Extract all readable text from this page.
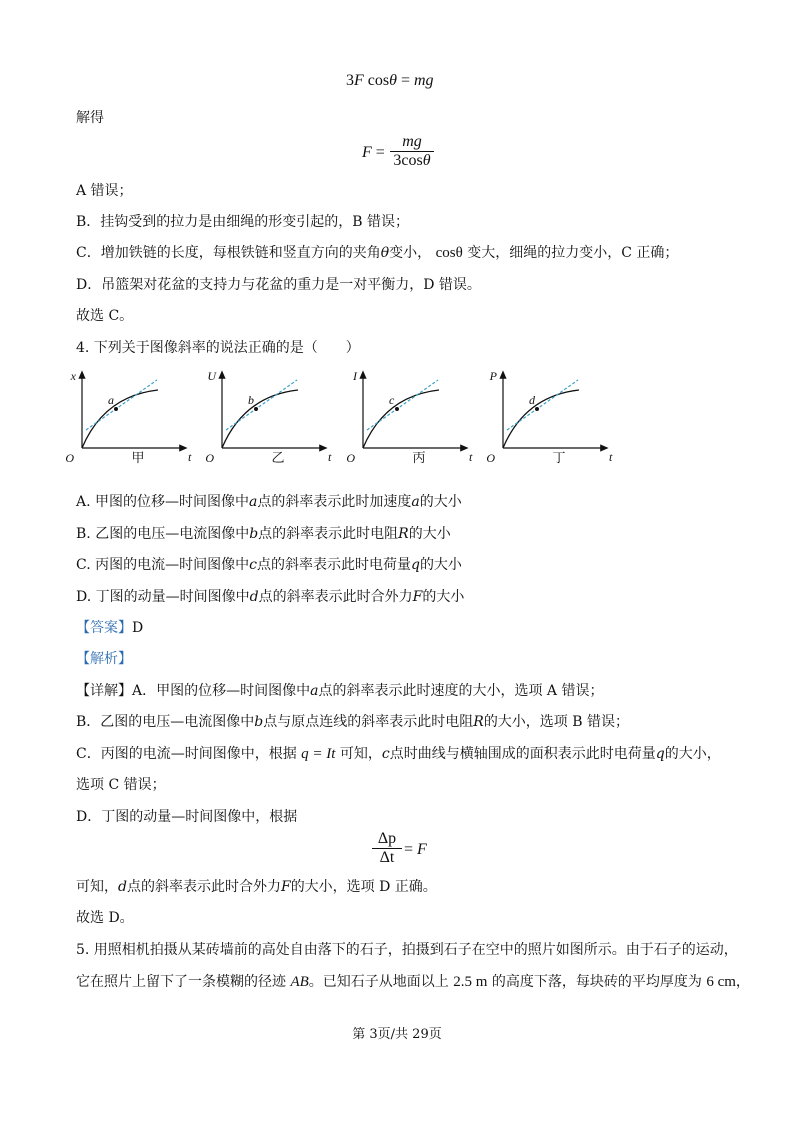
3F cosθ = mg
解得
F =
mg
3cosθ
A 错误；
B．挂钩受到的拉力是由细绳的形变引起的，B 错误；
C．增加铁链的长度，每根铁链和竖直方向的夹角θ变小， cosθ 变大，细绳的拉力变小，C 正确；
D．吊篮架对花盆的支持力与花盆的重力是一对平衡力，D 错误。
故选 C。
4. 下列关于图像斜率的说法正确的是（　　）
x
a
O	t
甲
U
b
O	t
乙
I
c
O	t
丙
P
d
O	t
丁
A. 甲图的位移—时间图像中a点的斜率表示此时加速度a的大小
B. 乙图的电压—电流图像中b点的斜率表示此时电阻R的大小
C. 丙图的电流—时间图像中c点的斜率表示此时电荷量q的大小
D. 丁图的动量—时间图像中d点的斜率表示此时合外力F的大小
【答案】D
【解析】
【详解】A．甲图的位移—时间图像中a点的斜率表示此时速度的大小，选项 A 错误；
B．乙图的电压—电流图像中b点与原点连线的斜率表示此时电阻R的大小，选项 B 错误；
C．丙图的电流—时间图像中，根据 q = It 可知，c点时曲线与横轴围成的面积表示此时电荷量q的大小，
选项 C 错误；
D．丁图的动量—时间图像中，根据
Δp
Δt = F
可知，d点的斜率表示此时合外力F的大小，选项 D 正确。
故选 D。
5. 用照相机拍摄从某砖墙前的高处自由落下的石子，拍摄到石子在空中的照片如图所示。由于石子的运动，
它在照片上留下了一条模糊的径迹 AB。已知石子从地面以上 2.5 m 的高度下落，每块砖的平均厚度为 6 cm，
第 3页/共 29页
